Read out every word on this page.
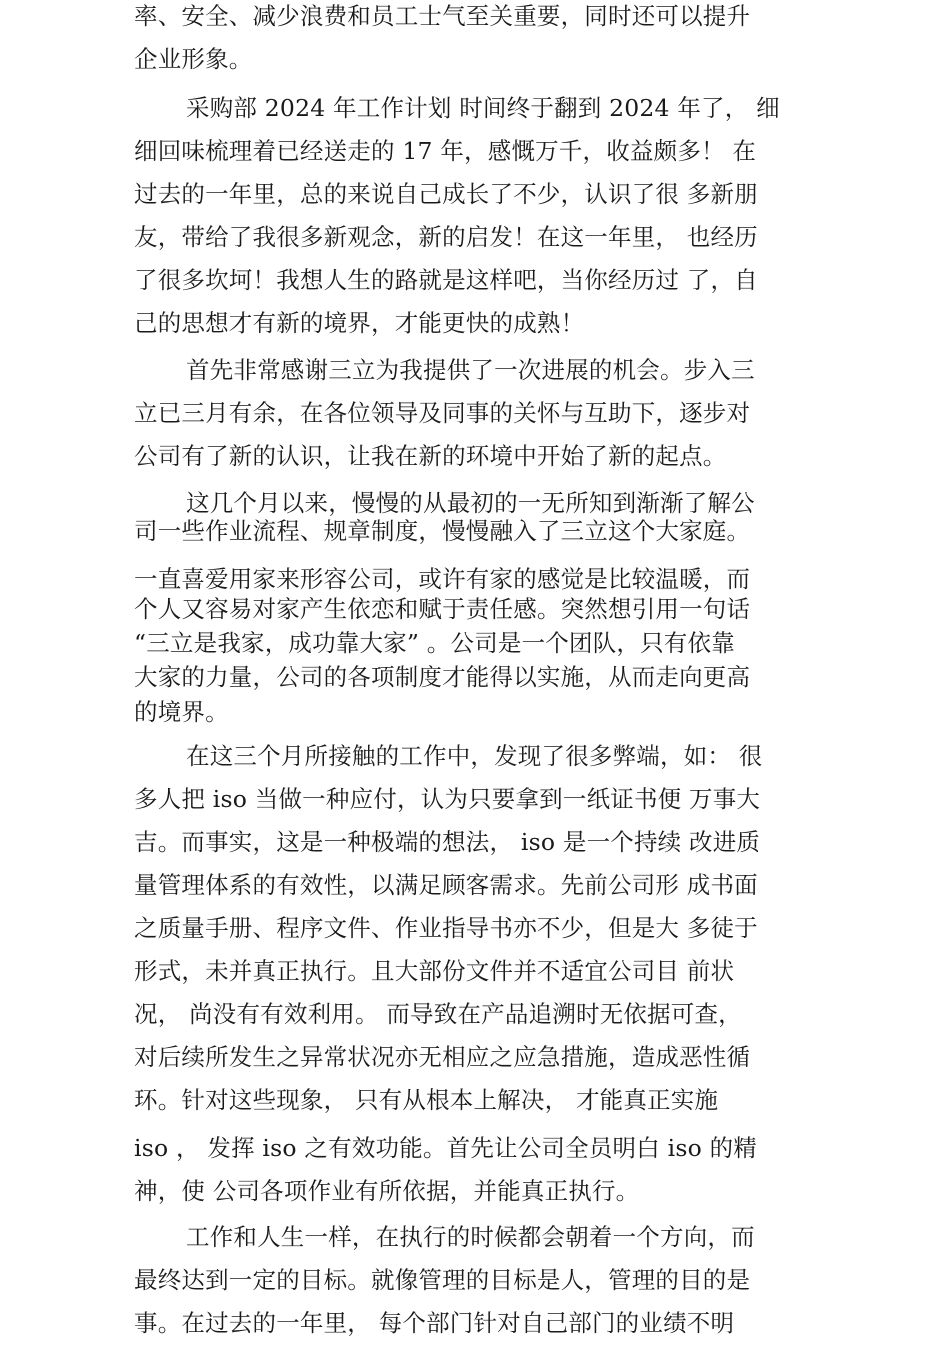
率、安全、减少浪费和员工士气至关重要，同时还可以提升
企业形象。
采购部 2024 年工作计划 时间终于翻到 2024 年了， 细
细回味梳理着已经送走的 17 年，感慨万千，收益颇多！ 在
过去的一年里，总的来说自己成长了不少，认识了很 多新朋
友，带给了我很多新观念，新的启发！在这一年里， 也经历
了很多坎坷！我想人生的路就是这样吧，当你经历过 了，自
己的思想才有新的境界，才能更快的成熟！
首先非常感谢三立为我提供了一次进展的机会。步入三
立已三月有余，在各位领导及同事的关怀与互助下，逐步对
公司有了新的认识，让我在新的环境中开始了新的起点。
这几个月以来，慢慢的从最初的一无所知到渐渐了解公
司一些作业流程、规章制度，慢慢融入了三立这个大家庭。
一直喜爱用家来形容公司，或许有家的感觉是比较温暖，而
个人又容易对家产生依恋和赋于责任感。突然想引用一句话
“三立是我家，成功靠大家” 。公司是一个团队，只有依靠
大家的力量，公司的各项制度才能得以实施，从而走向更高
的境界。
在这三个月所接触的工作中，发现了很多弊端，如： 很
多人把 iso 当做一种应付，认为只要拿到一纸证书便 万事大
吉。而事实，这是一种极端的想法， iso 是一个持续 改进质
量管理体系的有效性，以满足顾客需求。先前公司形 成书面
之质量手册、程序文件、作业指导书亦不少，但是大 多徒于
形式，未并真正执行。且大部份文件并不适宜公司目 前状
况， 尚没有有效利用。 而导致在产品追溯时无依据可查，
对后续所发生之异常状况亦无相应之应急措施，造成恶性循
环。针对这些现象， 只有从根本上解决， 才能真正实施
iso ， 发挥 iso 之有效功能。首先让公司全员明白 iso 的精
神，使 公司各项作业有所依据，并能真正执行。
工作和人生一样，在执行的时候都会朝着一个方向，而
最终达到一定的目标。就像管理的目标是人，管理的目的是
事。在过去的一年里， 每个部门针对自己部门的业绩不明
